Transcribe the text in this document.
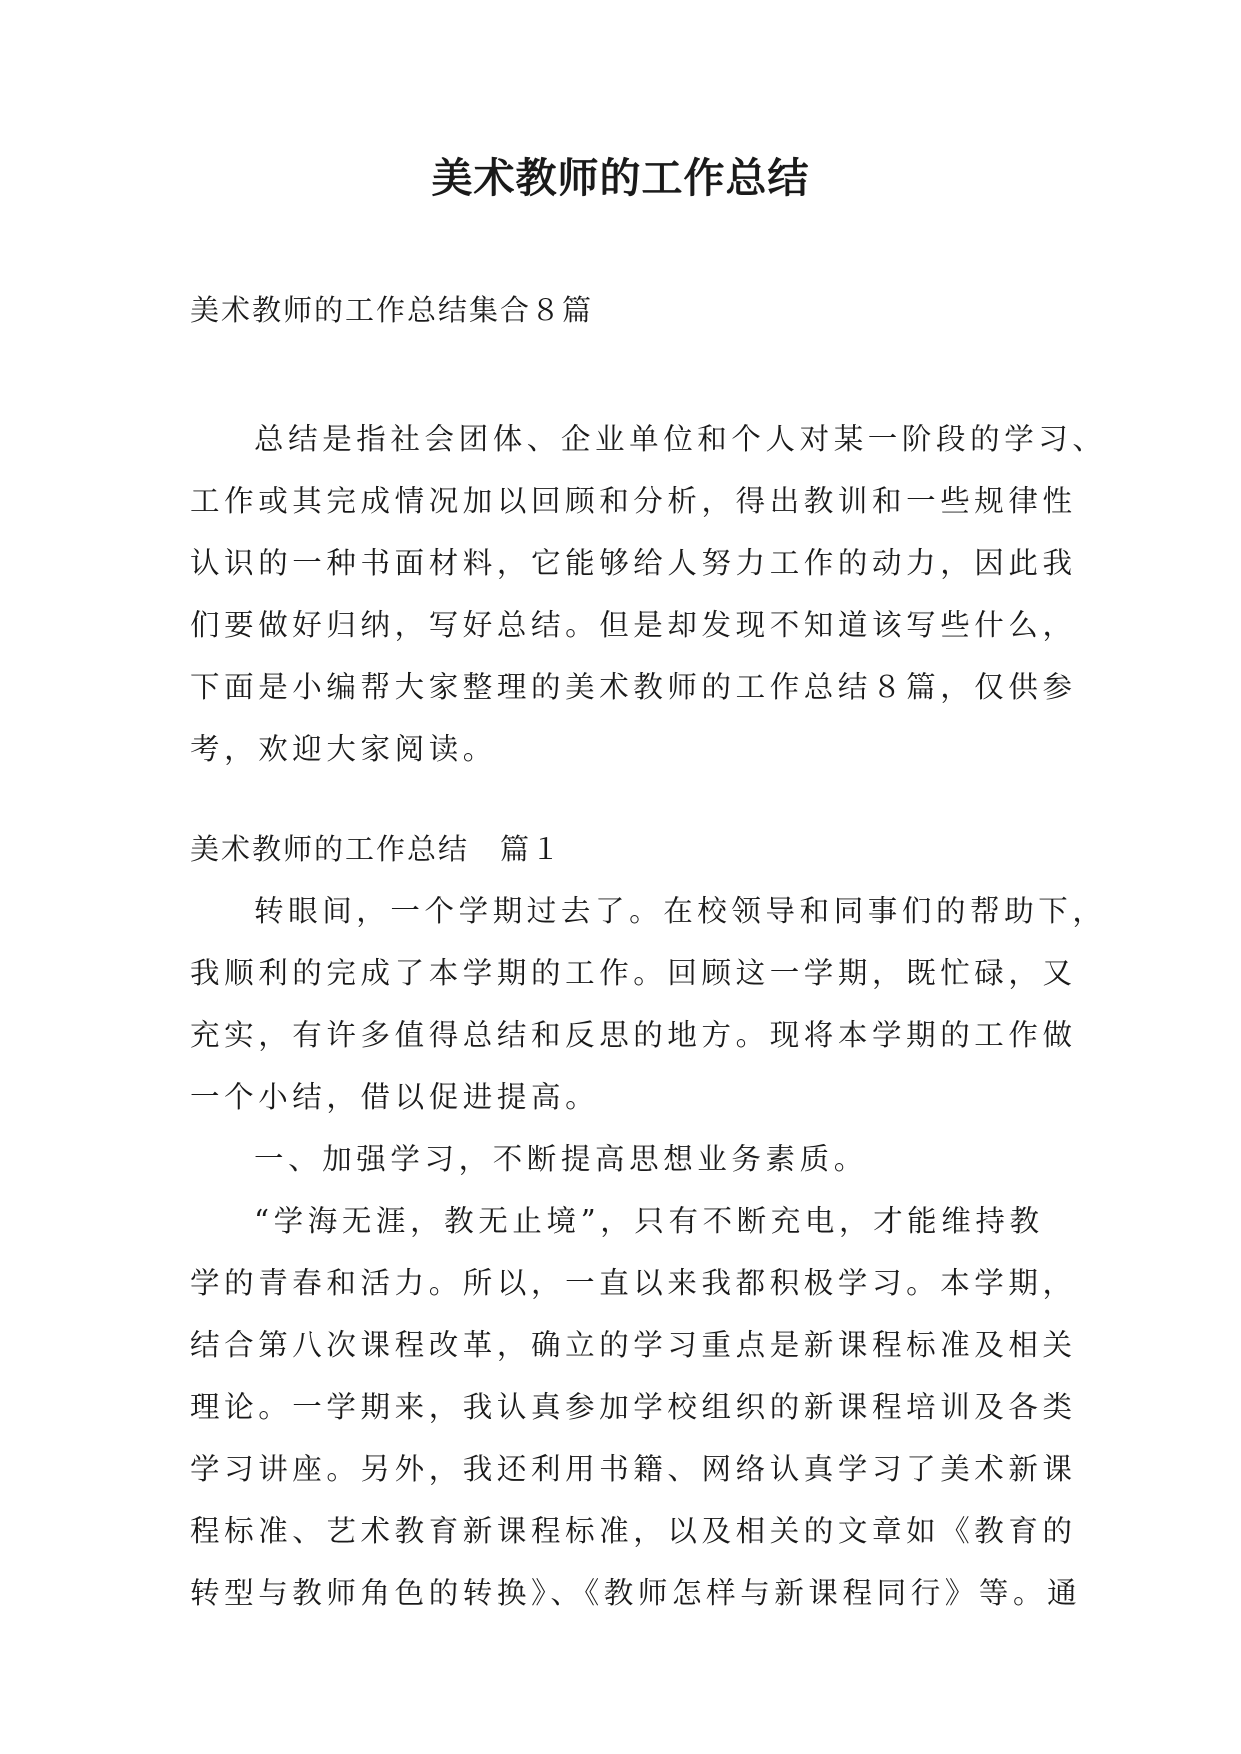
美术教师的工作总结
美术教师的工作总结集合８篇
总结是指社会团体、企业单位和个人对某一阶段的学习、
工作或其完成情况加以回顾和分析，得出教训和一些规律性
认识的一种书面材料，它能够给人努力工作的动力，因此我
们要做好归纳，写好总结。但是却发现不知道该写些什么，
下面是小编帮大家整理的美术教师的工作总结８篇，仅供参
考，欢迎大家阅读。
美术教师的工作总结　篇１
转眼间，一个学期过去了。在校领导和同事们的帮助下，
我顺利的完成了本学期的工作。回顾这一学期，既忙碌，又
充实，有许多值得总结和反思的地方。现将本学期的工作做
一个小结，借以促进提高。
一、加强学习，不断提高思想业务素质。
“学海无涯，教无止境”，只有不断充电，才能维持教
学的青春和活力。所以，一直以来我都积极学习。本学期，
结合第八次课程改革，确立的学习重点是新课程标准及相关
理论。一学期来，我认真参加学校组织的新课程培训及各类
学习讲座。另外，我还利用书籍、网络认真学习了美术新课
程标准、艺术教育新课程标准，以及相关的文章如《教育的
转型与教师角色的转换》、《教师怎样与新课程同行》等。通
